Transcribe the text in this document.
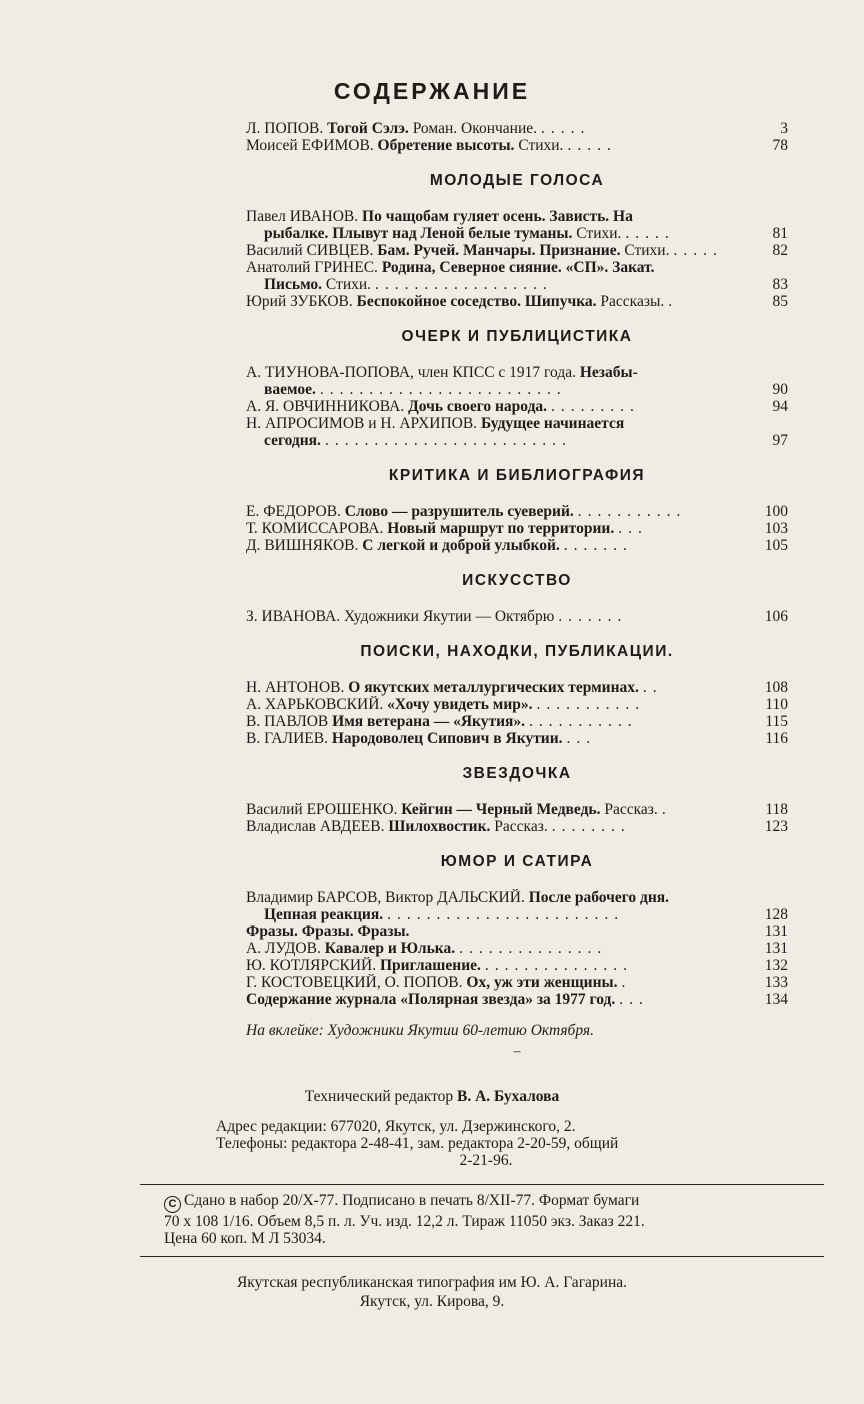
СОДЕРЖАНИЕ
Л. ПОПОВ. Тогой Сэлэ. Роман. Окончание. .....	3
Моисей ЕФИМОВ. Обретение высоты. Стихи. .....	78
МОЛОДЫЕ ГОЛОСА
Павел ИВАНОВ. По чащобам гуляет осень. Зависть. На
рыбалке. Плывут над Леной белые туманы. Стихи. .....	81
Василий СИВЦЕВ. Бам. Ручей. Манчары. Признание. Стихи. .....	82
Анатолий ГРИНЕС. Родина, Северное сияние. «СП». Закат.
Письмо. Стихи. ..................	83
Юрий ЗУБКОВ. Беспокойное соседство. Шипучка. Рассказы. .	85
ОЧЕРК И ПУБЛИЦИСТИКА
А. ТИУНОВА-ПОПОВА, член КПСС с 1917 года. Незабы-
ваемое. .........................	90
А. Я. ОВЧИННИКОВА. Дочь своего народа. .........	94
Н. АПРОСИМОВ и Н. АРХИПОВ. Будущее начинается
сегодня. .........................	97
КРИТИКА И БИБЛИОГРАФИЯ
Е. ФЕДОРОВ. Слово — разрушитель суеверий. ...........	100
Т. КОМИССАРОВА. Новый маршрут по территории. ...	103
Д. ВИШНЯКОВ. С легкой и доброй улыбкой. .......	105
ИСКУССТВО
З. ИВАНОВА. Художники Якутии — Октябрю .......	106
ПОИСКИ, НАХОДКИ, ПУБЛИКАЦИИ.
Н. АНТОНОВ. О якутских металлургических терминах. ..	108
А. ХАРЬКОВСКИЙ. «Хочу увидеть мир». ...........	110
В. ПАВЛОВ Имя ветерана — «Якутия». ...........	115
В. ГАЛИЕВ. Народоволец Сипович в Якутии. ...	116
ЗВЕЗДОЧКА
Василий ЕРОШЕНКО. Кейгин — Черный Медведь. Рассказ. .	118
Владислав АВДЕЕВ. Шилохвостик. Рассказ. ........	123
ЮМОР И САТИРА
Владимир БАРСОВ, Виктор ДАЛЬСКИЙ. После рабочего дня.
Цепная реакция. ........................	128
Фразы. Фразы. Фразы.	131
А. ЛУДОВ. Кавалер и Юлька. ...............	131
Ю. КОТЛЯРСКИЙ. Приглашение. ...............	132
Г. КОСТОВЕЦКИЙ, О. ПОПОВ. Ох, уж эти женщины. .	133
Содержание журнала «Полярная звезда» за 1977 год. ...	134
На вклейке: Художники Якутии 60-летию Октября.
–
Технический редактор В. А. Бухалова
Адрес редакции: 677020, Якутск, ул. Дзержинского, 2.
Телефоны: редактора 2-48-41, зам. редактора 2-20-59, общий
2-21-96.
С Сдано в набор 20/X-77. Подписано в печать 8/XII-77. Формат бумаги
70 x 108 1/16. Объем 8,5 п. л. Уч. изд. 12,2 л. Тираж 11050 экз. Заказ 221.
Цена 60 коп. М Л 53034.
Якутская республиканская типография им Ю. А. Гагарина.
Якутск, ул. Кирова, 9.
